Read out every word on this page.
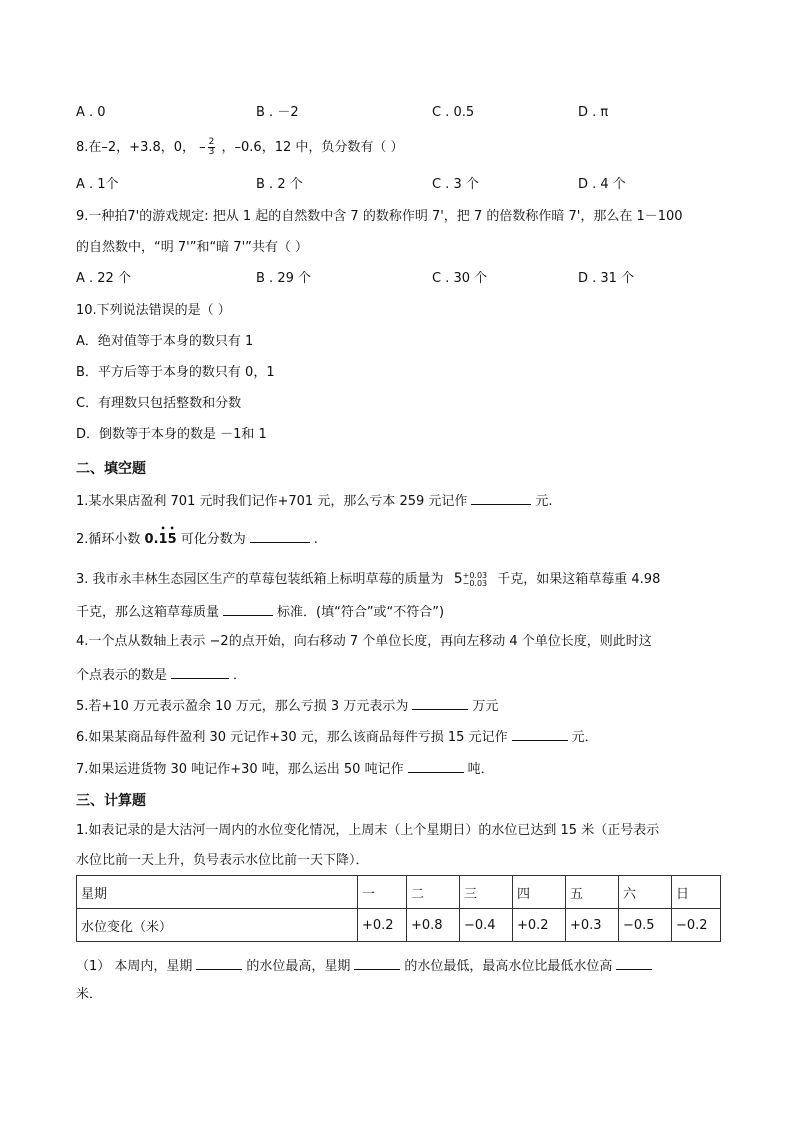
A . 0	B . －2	C . 0.5	D . π
8.在–2，+3.8，0， – $\frac{2}{3}$ ，–0.6，12 中，负分数有（ ）
A . 1个	B . 2 个	C . 3 个	D . 4 个
9.一种拍7'的游戏规定: 把从 1 起的自然数中含 7 的数称作明 7'，把 7 的倍数称作暗 7'，那么在 1－100
的自然数中，“明 7'”和“暗 7'”共有（ ）
A . 22 个	B . 29 个	C . 30 个	D . 31 个
10.下列说法错误的是（ ）
A．绝对值等于本身的数只有 1
B．平方后等于本身的数只有 0，1
C．有理数只包括整数和分数
D．倒数等于本身的数是 －1和 1
二、填空题
1.某水果店盈利 701 元时我们记作+701 元，那么亏本 259 元记作	元.
2.循环小数 0.• 1• 5 可化分数为	.
3. 我市永丰林生态园区生产的草莓包装纸箱上标明草莓的质量为 5 +0.03
−0.03 千克，如果这箱草莓重 4.98
千克，那么这箱草莓质量	标准．(填“符合”或“不符合”)
4.一个点从数轴上表示 −2的点开始，向右移动 7 个单位长度，再向左移动 4 个单位长度，则此时这
个点表示的数是	．
5.若+10 万元表示盈余 10 万元，那么亏损 3 万元表示为	万元
6.如果某商品每件盈利 30 元记作+30 元，那么该商品每件亏损 15 元记作	元．
7.如果运进货物 30 吨记作+30 吨，那么运出 50 吨记作	吨．
三、计算题
1.如表记录的是大沽河一周内的水位变化情况，上周末（上个星期日）的水位已达到 15 米（正号表示
水位比前一天上升，负号表示水位比前一天下降）．
星期	一	二	三	四	五	六	日
水位变化（米）	+0.2	+0.8	−0.4	+0.2	+0.3	−0.5	−0.2
（1） 本周内，星期	的水位最高，星期	的水位最低，最高水位比最低水位高
米．
